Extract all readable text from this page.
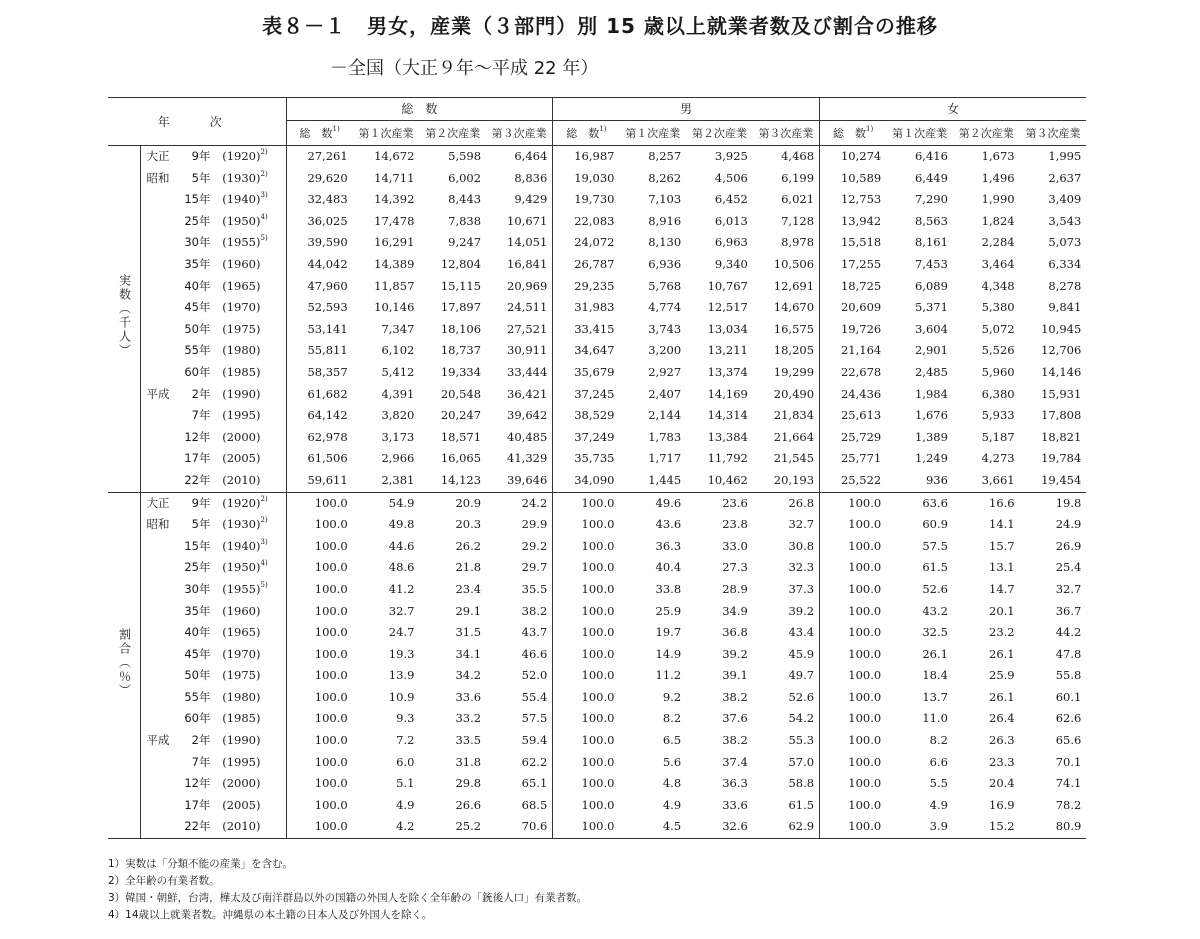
表８－１　男女，産業（３部門）別 15 歳以上就業者数及び割合の推移
－全国（大正９年～平成 22 年）
年　次		総　数				男				女			
		総　数$^{1)}$	第１次産業	第２次産業	第３次産業	総　数$^{1)}$	第１次産業	第２次産業	第３次産業	総　数$^{1)}$	第１次産業	第２次産業	第３次産業
実数（千人）	大正 9年 $(1920)^{2)}$	27,261	14,672	5,598	6,464	16,987	8,257	3,925	4,468	10,274	6,416	1,673	1,995
	昭和 5年 $(1930)^{2)}$	29,620	14,711	6,002	8,836	19,030	8,262	4,506	6,199	10,589	6,449	1,496	2,637
	15年 $(1940)^{3)}$	32,483	14,392	8,443	9,429	19,730	7,103	6,452	6,021	12,753	7,290	1,990	3,409
	25年 $(1950)^{4)}$	36,025	17,478	7,838	10,671	22,083	8,916	6,013	7,128	13,942	8,563	1,824	3,543
	30年 $(1955)^{5)}$	39,590	16,291	9,247	14,051	24,072	8,130	6,963	8,978	15,518	8,161	2,284	5,073
	35年 (1960)	44,042	14,389	12,804	16,841	26,787	6,936	9,340	10,506	17,255	7,453	3,464	6,334
	40年 (1965)	47,960	11,857	15,115	20,969	29,235	5,768	10,767	12,691	18,725	6,089	4,348	8,278
	45年 (1970)	52,593	10,146	17,897	24,511	31,983	4,774	12,517	14,670	20,609	5,371	5,380	9,841
	50年 (1975)	53,141	7,347	18,106	27,521	33,415	3,743	13,034	16,575	19,726	3,604	5,072	10,945
	55年 (1980)	55,811	6,102	18,737	30,911	34,647	3,200	13,211	18,205	21,164	2,901	5,526	12,706
	60年 (1985)	58,357	5,412	19,334	33,444	35,679	2,927	13,374	19,299	22,678	2,485	5,960	14,146
	平成 2年 (1990)	61,682	4,391	20,548	36,421	37,245	2,407	14,169	20,490	24,436	1,984	6,380	15,931
	7年 (1995)	64,142	3,820	20,247	39,642	38,529	2,144	14,314	21,834	25,613	1,676	5,933	17,808
	12年 (2000)	62,978	3,173	18,571	40,485	37,249	1,783	13,384	21,664	25,729	1,389	5,187	18,821
	17年 (2005)	61,506	2,966	16,065	41,329	35,735	1,717	11,792	21,545	25,771	1,249	4,273	19,784
	22年 (2010)	59,611	2,381	14,123	39,646	34,090	1,445	10,462	20,193	25,522	936	3,661	19,454
割合（％）	大正 9年 $(1920)^{2)}$	100.0	54.9	20.9	24.2	100.0	49.6	23.6	26.8	100.0	63.6	16.6	19.8
	昭和 5年 $(1930)^{2)}$	100.0	49.8	20.3	29.9	100.0	43.6	23.8	32.7	100.0	60.9	14.1	24.9
	15年 $(1940)^{3)}$	100.0	44.6	26.2	29.2	100.0	36.3	33.0	30.8	100.0	57.5	15.7	26.9
	25年 $(1950)^{4)}$	100.0	48.6	21.8	29.7	100.0	40.4	27.3	32.3	100.0	61.5	13.1	25.4
	30年 $(1955)^{5)}$	100.0	41.2	23.4	35.5	100.0	33.8	28.9	37.3	100.0	52.6	14.7	32.7
	35年 (1960)	100.0	32.7	29.1	38.2	100.0	25.9	34.9	39.2	100.0	43.2	20.1	36.7
	40年 (1965)	100.0	24.7	31.5	43.7	100.0	19.7	36.8	43.4	100.0	32.5	23.2	44.2
	45年 (1970)	100.0	19.3	34.1	46.6	100.0	14.9	39.2	45.9	100.0	26.1	26.1	47.8
	50年 (1975)	100.0	13.9	34.2	52.0	100.0	11.2	39.1	49.7	100.0	18.4	25.9	55.8
	55年 (1980)	100.0	10.9	33.6	55.4	100.0	9.2	38.2	52.6	100.0	13.7	26.1	60.1
	60年 (1985)	100.0	9.3	33.2	57.5	100.0	8.2	37.6	54.2	100.0	11.0	26.4	62.6
	平成 2年 (1990)	100.0	7.2	33.5	59.4	100.0	6.5	38.2	55.3	100.0	8.2	26.3	65.6
	7年 (1995)	100.0	6.0	31.8	62.2	100.0	5.6	37.4	57.0	100.0	6.6	23.3	70.1
	12年 (2000)	100.0	5.1	29.8	65.1	100.0	4.8	36.3	58.8	100.0	5.5	20.4	74.1
	17年 (2005)	100.0	4.9	26.6	68.5	100.0	4.9	33.6	61.5	100.0	4.9	16.9	78.2
	22年 (2010)	100.0	4.2	25.2	70.6	100.0	4.5	32.6	62.9	100.0	3.9	15.2	80.9
1）実数は「分類不能の産業」を含む。
2）全年齢の有業者数。
3）韓国・朝鮮，台湾，樺太及び南洋群島以外の国籍の外国人を除く全年齢の「銃後人口」有業者数。
4）14歳以上就業者数。沖縄県の本土籍の日本人及び外国人を除く。
